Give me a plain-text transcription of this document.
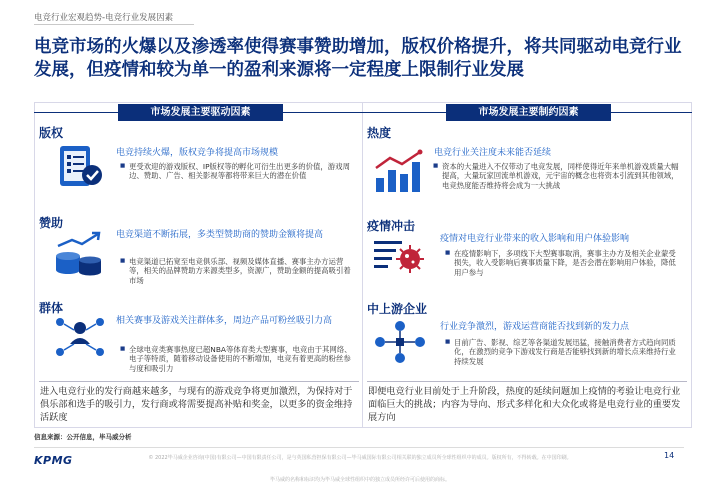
电竞行业宏观趋势-电竞行业发展因素
电竞市场的火爆以及渗透率使得赛事赞助增加，版权价格提升，将共同驱动电竞行业发展，但疫情和较为单一的盈利来源将一定程度上限制行业发展
市场发展主要驱动因素
版权
电竞持续火爆，版权竞争将提高市场规模
■ 更受欢迎的游戏版权、IP版权等的孵化可衍生出更多的价值，游戏周边、赞助、广告、相关影视等都将带来巨大的潜在价值
赞助
电竞渠道不断拓展，多类型赞助商的赞助金额将提高
■ 电竞渠道已拓宽至电竞俱乐部、视频及媒体直播、赛事主办方运营等，相关的品牌赞助方来源类型多，资源广，赞助金额的提高吸引着市场
群体
相关赛事及游戏关注群体多，周边产品可粉丝吸引力高
■ 全球电竞类赛事热度已超NBA等体育类大型赛事，电竞由于其网络、电子等特质，随着移动设备使用的不断增加，电竞有着更高的粉丝参与度和吸引力
进入电竞行业的发行商越来越多，与现有的游戏竞争将更加激烈，为保持对于俱乐部和选手的吸引力，发行商或将需要提高补贴和奖金，以更多的资金维持活跃度
市场发展主要制约因素
热度
电竞行业关注度未来能否延续
■ 资本的大量进入不仅带动了电竞发展，同样使得近年来单机游戏质量大幅提高，大量玩家回流单机游戏，元宇宙的概念也将资本引流到其他领域，电竞热度能否维持将会成为一大挑战
疫情冲击
疫情对电竞行业带来的收入影响和用户体验影响
■ 在疫情影响下，多项线下大型赛事取消，赛事主办方及相关企业蒙受损失，收入受影响后赛事质量下降，是否会潜在影响用户体验，降低用户参与
中上游企业
行业竞争激烈，游戏运营商能否找到新的发力点
■ 目前广告、影视、综艺等各渠道发展迅猛，接触消费者方式趋向同质化，在激烈的竞争下游戏发行商是否能够找到新的增长点来维持行业持续发展
即便电竞行业目前处于上升阶段，热度的延续问题加上疫情的考验让电竞行业面临巨大的挑战；内容为导向、形式多样化和大众化或将是电竞行业的重要发展方向
信息来源：公开信息，毕马威分析
KPMG	© 2022毕马威企业咨询(中国)有限公司—中国有限责任公司，是与英国私营担保有限公司—毕马威国际有限公司相关联的独立成员所全球性组织中的成员。版权所有，不得转载。在中国印刷。
毕马威的名称和标识均为毕马威全球性组织中的独立成员所经许可后使用的商标。
14
